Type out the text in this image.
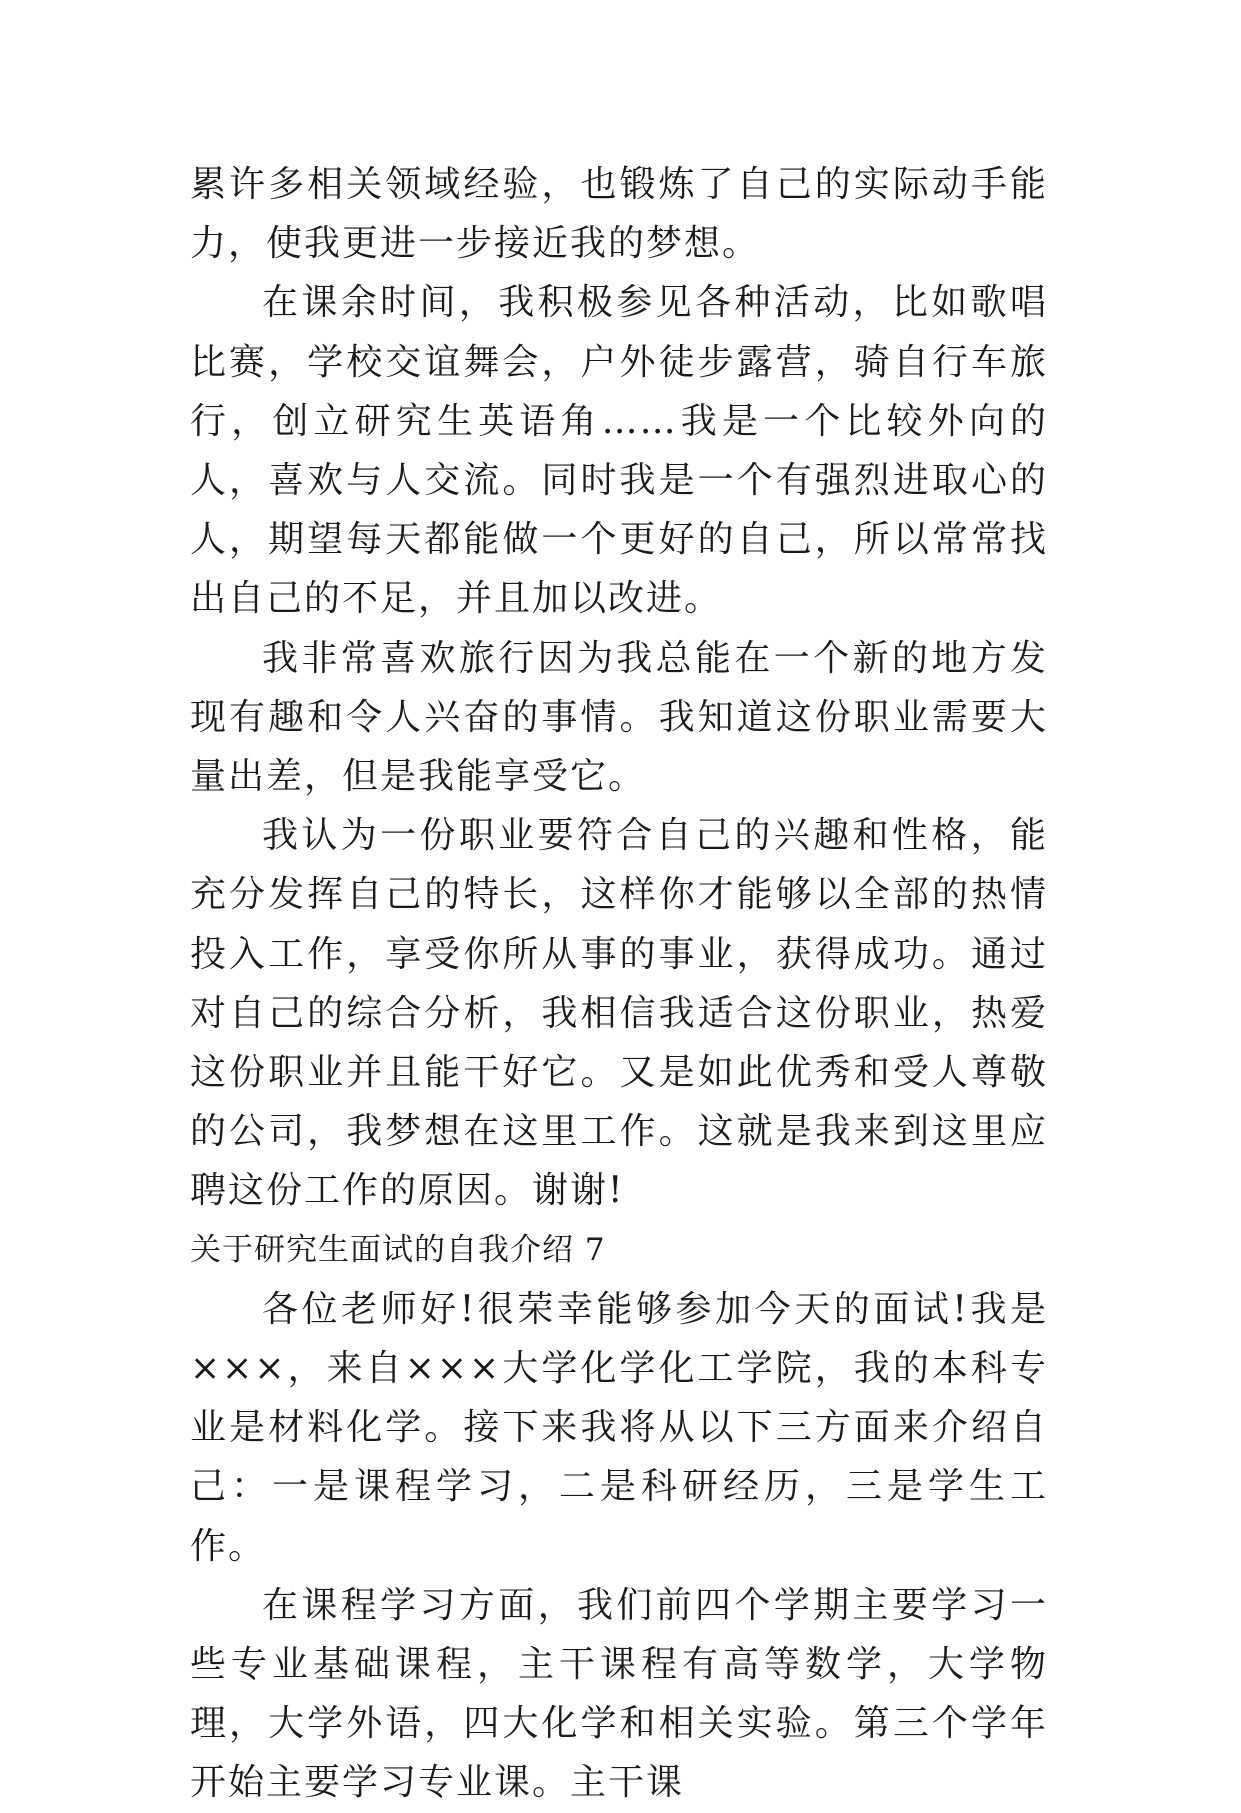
累许多相关领域经验，也锻炼了自己的实际动手能力，使我更进一步接近我的梦想。

在课余时间，我积极参见各种活动，比如歌唱比赛，学校交谊舞会，户外徒步露营，骑自行车旅行，创立研究生英语角……我是一个比较外向的人，喜欢与人交流。同时我是一个有强烈进取心的人，期望每天都能做一个更好的自己，所以常常找出自己的不足，并且加以改进。

我非常喜欢旅行因为我总能在一个新的地方发现有趣和令人兴奋的事情。我知道这份职业需要大量出差，但是我能享受它。

我认为一份职业要符合自己的兴趣和性格，能充分发挥自己的特长，这样你才能够以全部的热情投入工作，享受你所从事的事业，获得成功。通过对自己的综合分析，我相信我适合这份职业，热爱这份职业并且能干好它。又是如此优秀和受人尊敬的公司，我梦想在这里工作。这就是我来到这里应聘这份工作的原因。谢谢!

关于研究生面试的自我介绍 7

各位老师好!很荣幸能够参加今天的面试!我是×××，来自×××大学化学化工学院，我的本科专业是材料化学。接下来我将从以下三方面来介绍自己：一是课程学习，二是科研经历，三是学生工作。

在课程学习方面，我们前四个学期主要学习一些专业基础课程，主干课程有高等数学，大学物理，大学外语，四大化学和相关实验。第三个学年开始主要学习专业课。主干课
